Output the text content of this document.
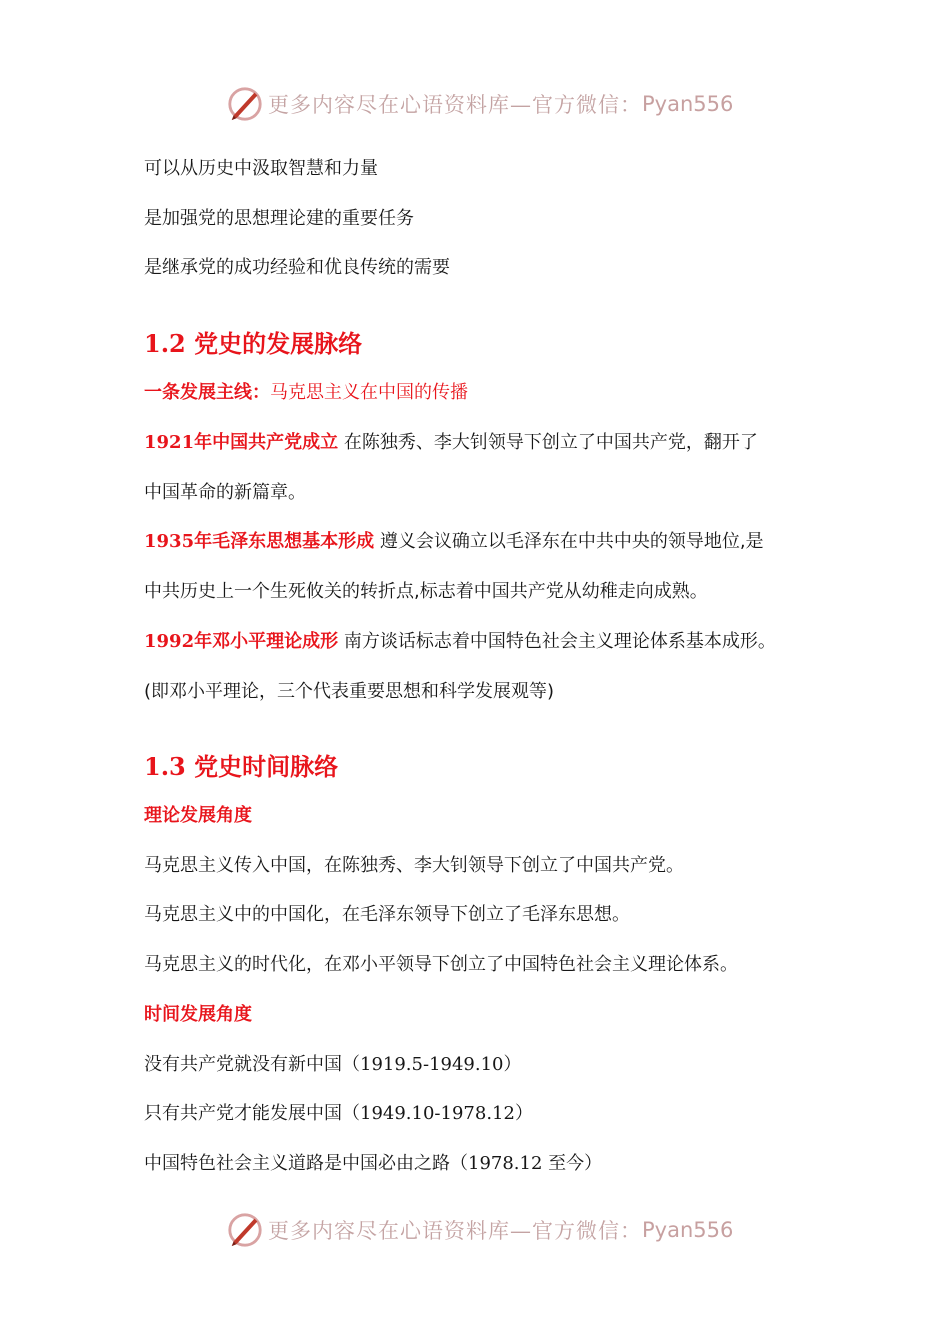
更多内容尽在心语资料库—官方微信： Pyan556
可以从历史中汲取智慧和力量
是加强党的思想理论建的重要任务
是继承党的成功经验和优良传统的需要
1.2 党史的发展脉络
一条发展主线：马克思主义在中国的传播
1921年中国共产党成立 在陈独秀、李大钊领导下创立了中国共产党，翻开了
中国革命的新篇章。
1935年毛泽东思想基本形成 遵义会议确立以毛泽东在中共中央的领导地位,是
中共历史上一个生死攸关的转折点,标志着中国共产党从幼稚走向成熟。
1992年邓小平理论成形 南方谈话标志着中国特色社会主义理论体系基本成形。
(即邓小平理论，三个代表重要思想和科学发展观等)
1.3 党史时间脉络
理论发展角度
马克思主义传入中国，在陈独秀、李大钊领导下创立了中国共产党。
马克思主义中的中国化，在毛泽东领导下创立了毛泽东思想。
马克思主义的时代化，在邓小平领导下创立了中国特色社会主义理论体系。
时间发展角度
没有共产党就没有新中国（1919.5-1949.10）
只有共产党才能发展中国（1949.10-1978.12）
中国特色社会主义道路是中国必由之路（1978.12 至今）
更多内容尽在心语资料库—官方微信： Pyan556
